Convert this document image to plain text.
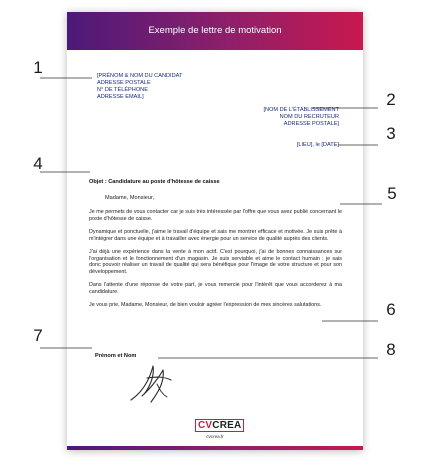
Exemple de lettre de motivation
[PRÉNOM & NOM DU CANDIDAT
ADRESSE POSTALE
N° DE TÉLÉPHONE
ADRESSE EMAIL]
[NOM DE L'ÉTABLISSEMENT
NOM DU RECRUTEUR
ADRESSE POSTALE]
[LIEU], le [DATE]
Objet : Candidature au poste d'hôtesse de caisse
Madame, Monsieur,

Je me permets de vous contacter car je suis très intéressée par l'offre que vous avez publié concernant le poste d'hôtesse de caisse.

Dynamique et ponctuelle, j'aime le travail d'équipe et sais me montrer efficace et motivée. Je suis prête à m'intégrer dans une équipe et à travailler avec énergie pour un service de qualité auprès des clients.

J'ai déjà une expérience dans la vente à mon actif. C'est pourquoi, j'ai de bonnes connaissances sur l'organisation et le fonctionnement d'un magasin. Je suis serviable et aime le contact humain ; je sais donc pouvoir réaliser un travail de qualité qui sera bénéfique pour l'image de votre structure et pour son développement.

Dans l'attente d'une réponse de votre part, je vous remercie pour l'intérêt que vous accorderez à ma candidature.

Je vous prie, Madame, Monsieur, de bien vouloir agréer l'expression de mes sincères salutations.

Prénom et Nom
CVCREA
cvcrea.fr
1
2
3
4
5
6
7
8
